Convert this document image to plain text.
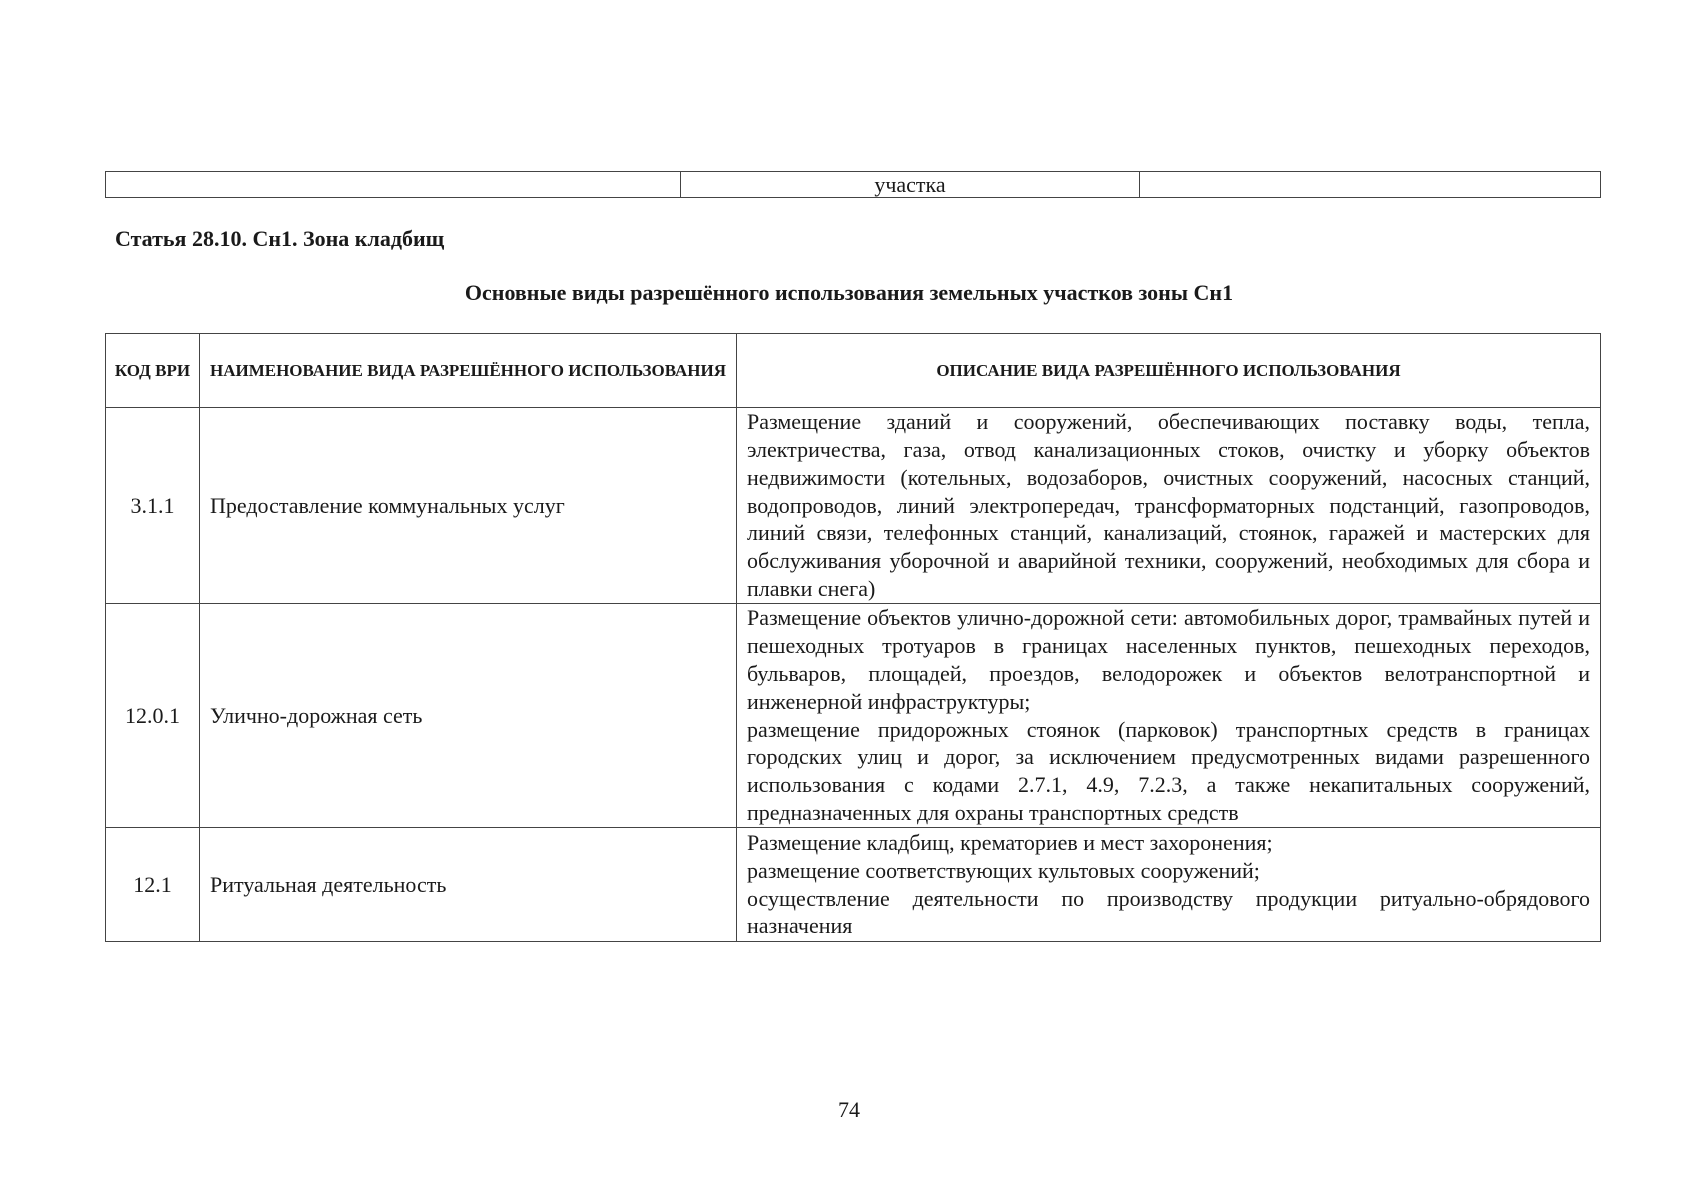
	участка	
Статья 28.10. Сн1. Зона кладбищ
Основные виды разрешённого использования земельных участков зоны Сн1
КОД ВРИ	НАИМЕНОВАНИЕ ВИДА РАЗРЕШЁННОГО ИСПОЛЬЗОВАНИЯ	ОПИСАНИЕ ВИДА РАЗРЕШЁННОГО ИСПОЛЬЗОВАНИЯ
3.1.1	Предоставление коммунальных услуг	Размещение зданий и сооружений, обеспечивающих поставку воды, тепла, электричества, газа, отвод канализационных стоков, очистку и уборку объектов недвижимости (котельных, водозаборов, очистных сооружений, насосных станций, водопроводов, линий электропередач, трансформаторных подстанций, газопроводов, линий связи, телефонных станций, канализаций, стоянок, гаражей и мастерских для обслуживания уборочной и аварийной техники, сооружений, необходимых для сбора и плавки снега)

12.0.1	Улично-дорожная сеть	Размещение объектов улично-дорожной сети: автомобильных дорог, трамвайных путей и пешеходных тротуаров в границах населенных пунктов, пешеходных переходов, бульваров, площадей, проездов, велодорожек и объектов велотранспортной и инженерной инфраструктуры;
размещение придорожных стоянок (парковок) транспортных средств в границах городских улиц и дорог, за исключением предусмотренных видами разрешенного использования с кодами 2.7.1, 4.9, 7.2.3, а также некапитальных сооружений, предназначенных для охраны транспортных средств

12.1	Ритуальная деятельность	Размещение кладбищ, крематориев и мест захоронения;
размещение соответствующих культовых сооружений;
осуществление деятельности по производству продукции ритуально-обрядового назначения
74
